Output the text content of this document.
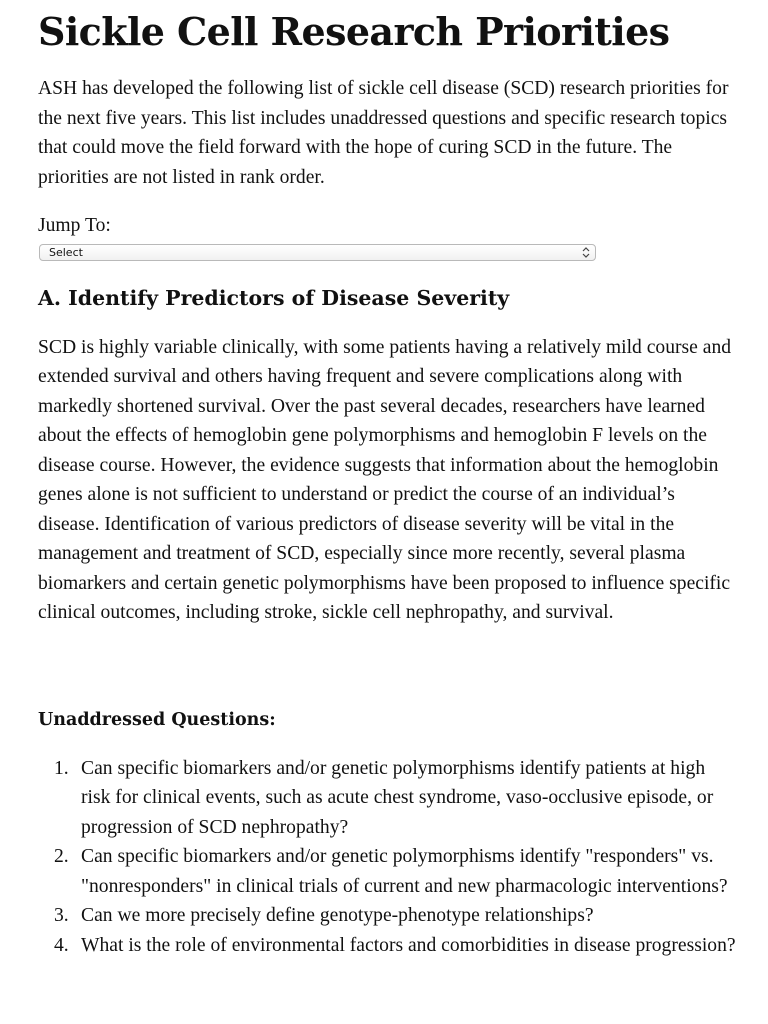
Sickle Cell Research Priorities

ASH has developed the following list of sickle cell disease (SCD) research priorities for the next five years. This list includes unaddressed questions and specific research topics that could move the field forward with the hope of curing SCD in the future. The priorities are not listed in rank order.

Jump To:

Select
A. Identify Predictors of Disease Severity

SCD is highly variable clinically, with some patients having a relatively mild course and extended survival and others having frequent and severe complications along with markedly shortened survival. Over the past several decades, researchers have learned about the effects of hemoglobin gene polymorphisms and hemoglobin F levels on the disease course. However, the evidence suggests that information about the hemoglobin genes alone is not sufficient to understand or predict the course of an individual’s disease. Identification of various predictors of disease severity will be vital in the management and treatment of SCD, especially since more recently, several plasma biomarkers and certain genetic polymorphisms have been proposed to influence specific clinical outcomes, including stroke, sickle cell nephropathy, and survival.

Unaddressed Questions:
1. Can specific biomarkers and/or genetic polymorphisms identify patients at high risk for clinical events, such as acute chest syndrome, vaso-occlusive episode, or progression of SCD nephropathy?
2. Can specific biomarkers and/or genetic polymorphisms identify "responders" vs. "nonresponders" in clinical trials of current and new pharmacologic interventions?
3. Can we more precisely define genotype-phenotype relationships?
4. What is the role of environmental factors and comorbidities in disease progression?
